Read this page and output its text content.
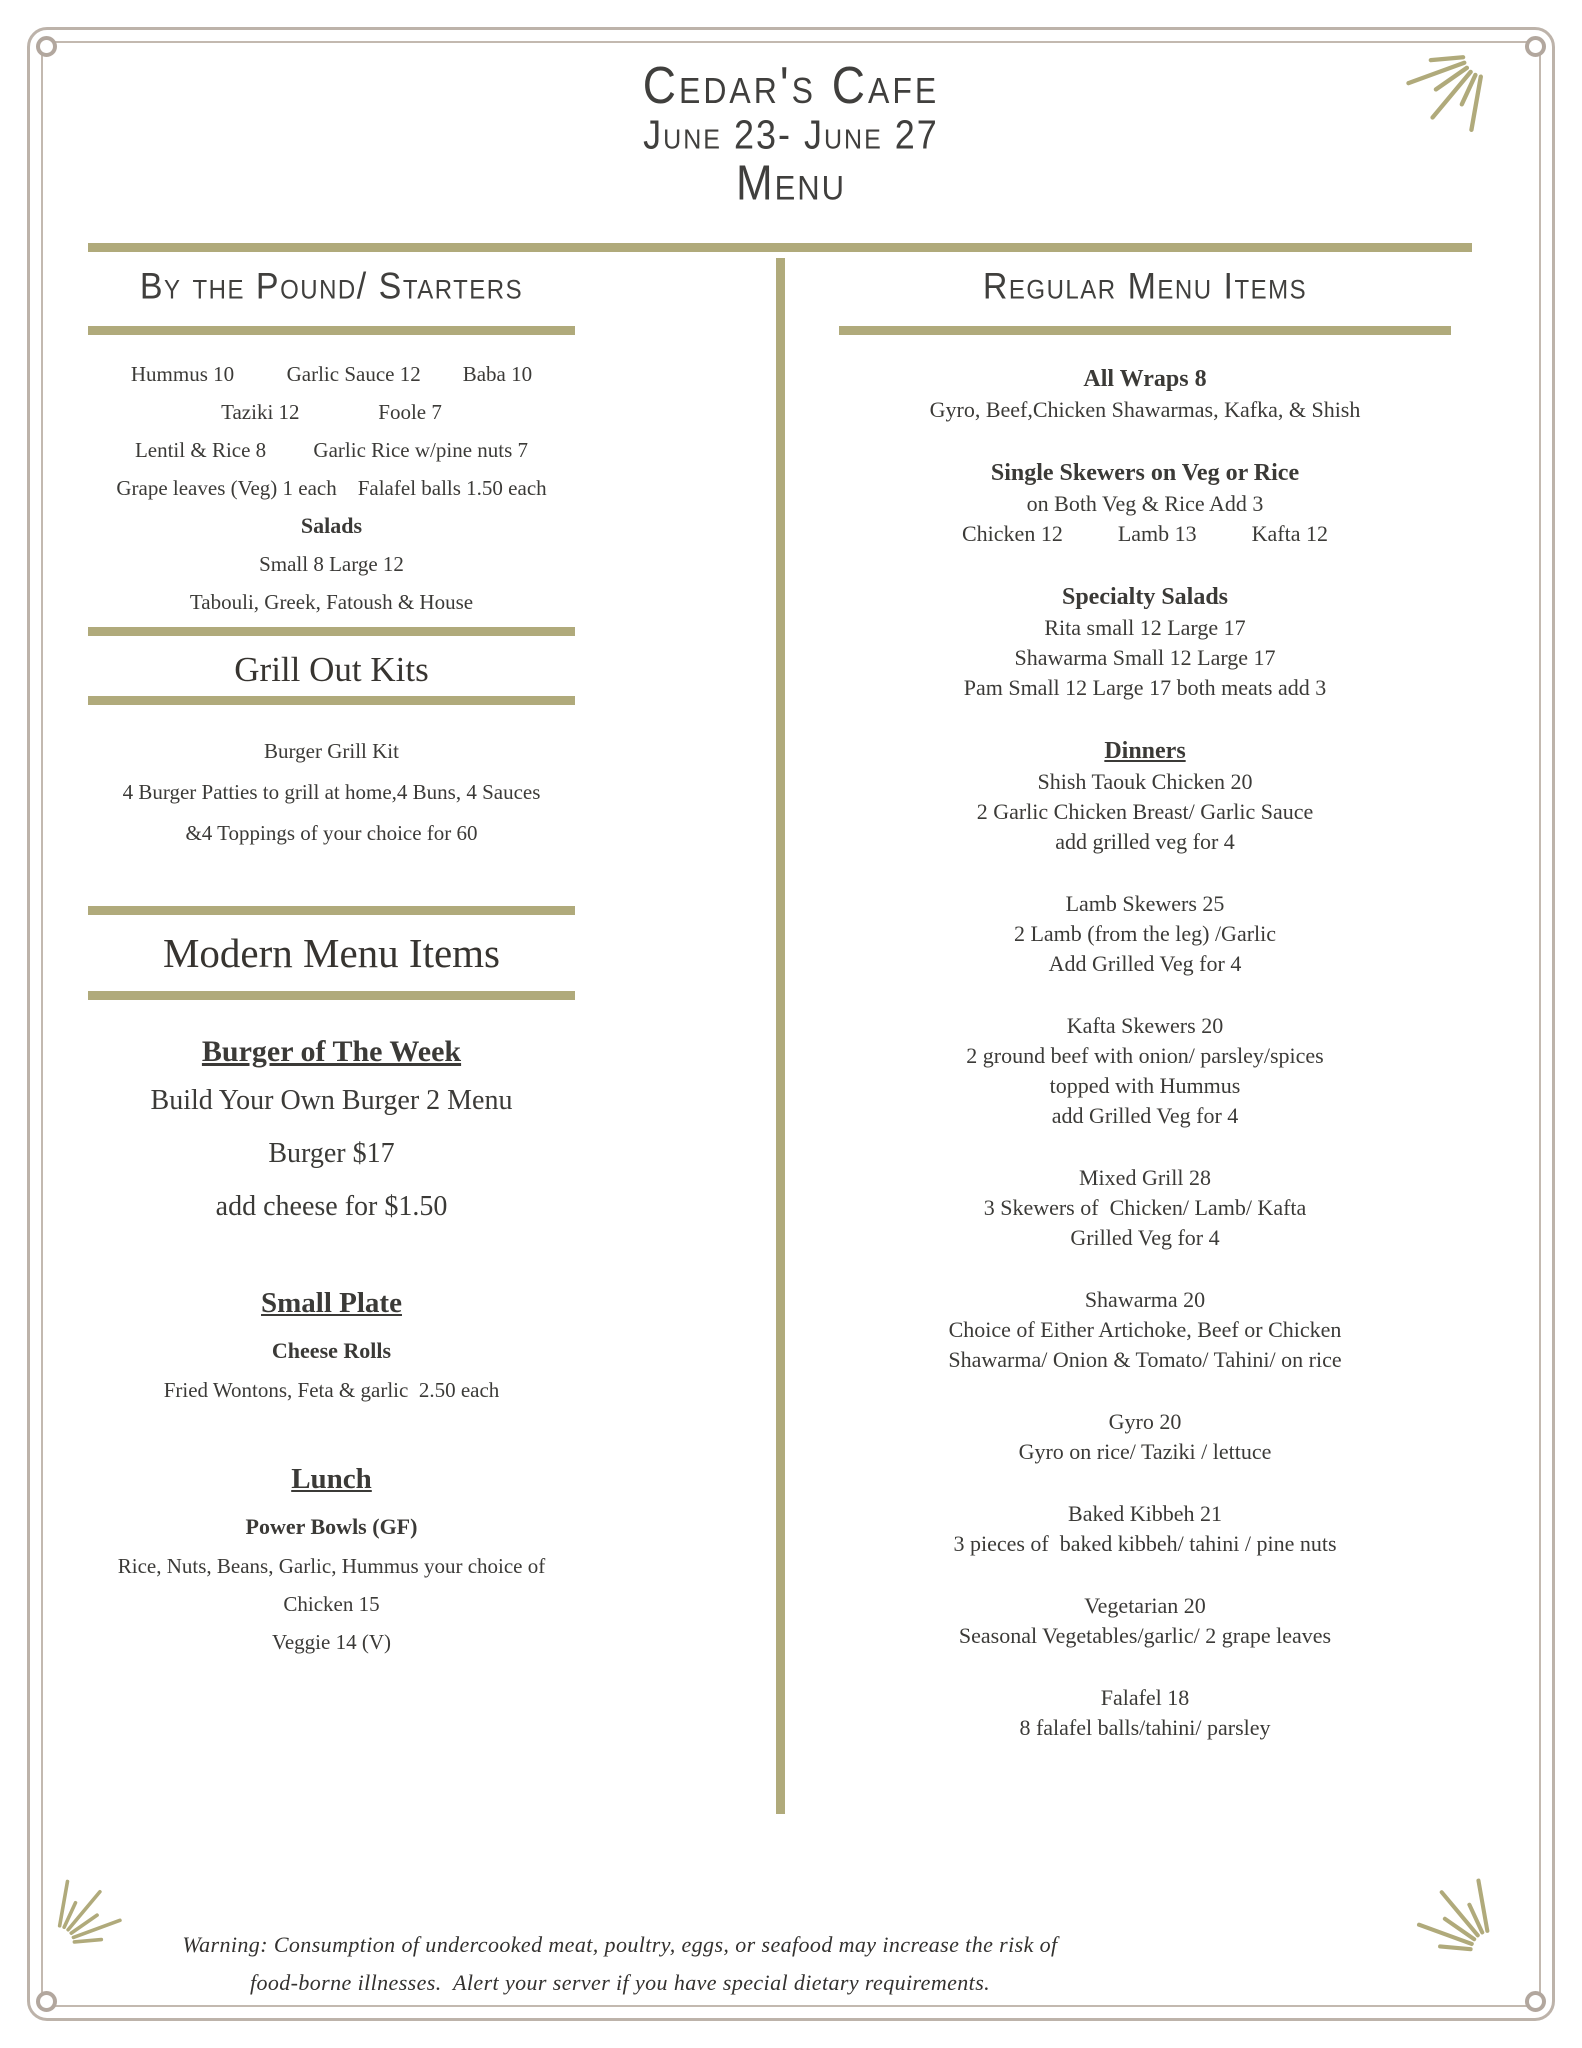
Cedar's Cafe
June 23- June 27
Menu
By the Pound/ Starters
Hummus 10          Garlic Sauce 12        Baba 10
Taziki 12               Foole 7
Lentil & Rice 8         Garlic Rice w/pine nuts 7
Grape leaves (Veg) 1 each    Falafel balls 1.50 each
Salads
Small 8 Large 12
Tabouli, Greek, Fatoush & House
Grill Out Kits
Burger Grill Kit
4 Burger Patties to grill at home,4 Buns, 4 Sauces
&4 Toppings of your choice for 60
Modern Menu Items
Burger of The Week
Build Your Own Burger 2 Menu
Burger $17
add cheese for $1.50
Small Plate
Cheese Rolls
Fried Wontons, Feta & garlic  2.50 each
Lunch
Power Bowls (GF)
Rice, Nuts, Beans, Garlic, Hummus your choice of
Chicken 15
Veggie 14 (V)
Regular Menu Items
All Wraps 8
Gyro, Beef,Chicken Shawarmas, Kafka, & Shish
Single Skewers on Veg or Rice
on Both Veg & Rice Add 3
Chicken 12          Lamb 13          Kafta 12
Specialty Salads
Rita small 12 Large 17
Shawarma Small 12 Large 17
Pam Small 12 Large 17 both meats add 3
Dinners
Shish Taouk Chicken 20
2 Garlic Chicken Breast/ Garlic Sauce
add grilled veg for 4
Lamb Skewers 25
2 Lamb (from the leg) /Garlic
Add Grilled Veg for 4
Kafta Skewers 20
2 ground beef with onion/ parsley/spices
topped with Hummus
add Grilled Veg for 4
Mixed Grill 28
3 Skewers of  Chicken/ Lamb/ Kafta
Grilled Veg for 4
Shawarma 20
Choice of Either Artichoke, Beef or Chicken
Shawarma/ Onion & Tomato/ Tahini/ on rice
Gyro 20
Gyro on rice/ Taziki / lettuce
Baked Kibbeh 21
3 pieces of  baked kibbeh/ tahini / pine nuts
Vegetarian 20
Seasonal Vegetables/garlic/ 2 grape leaves
Falafel 18
8 falafel balls/tahini/ parsley
Warning: Consumption of undercooked meat, poultry, eggs, or seafood may increase the risk of
food-borne illnesses.  Alert your server if you have special dietary requirements.
